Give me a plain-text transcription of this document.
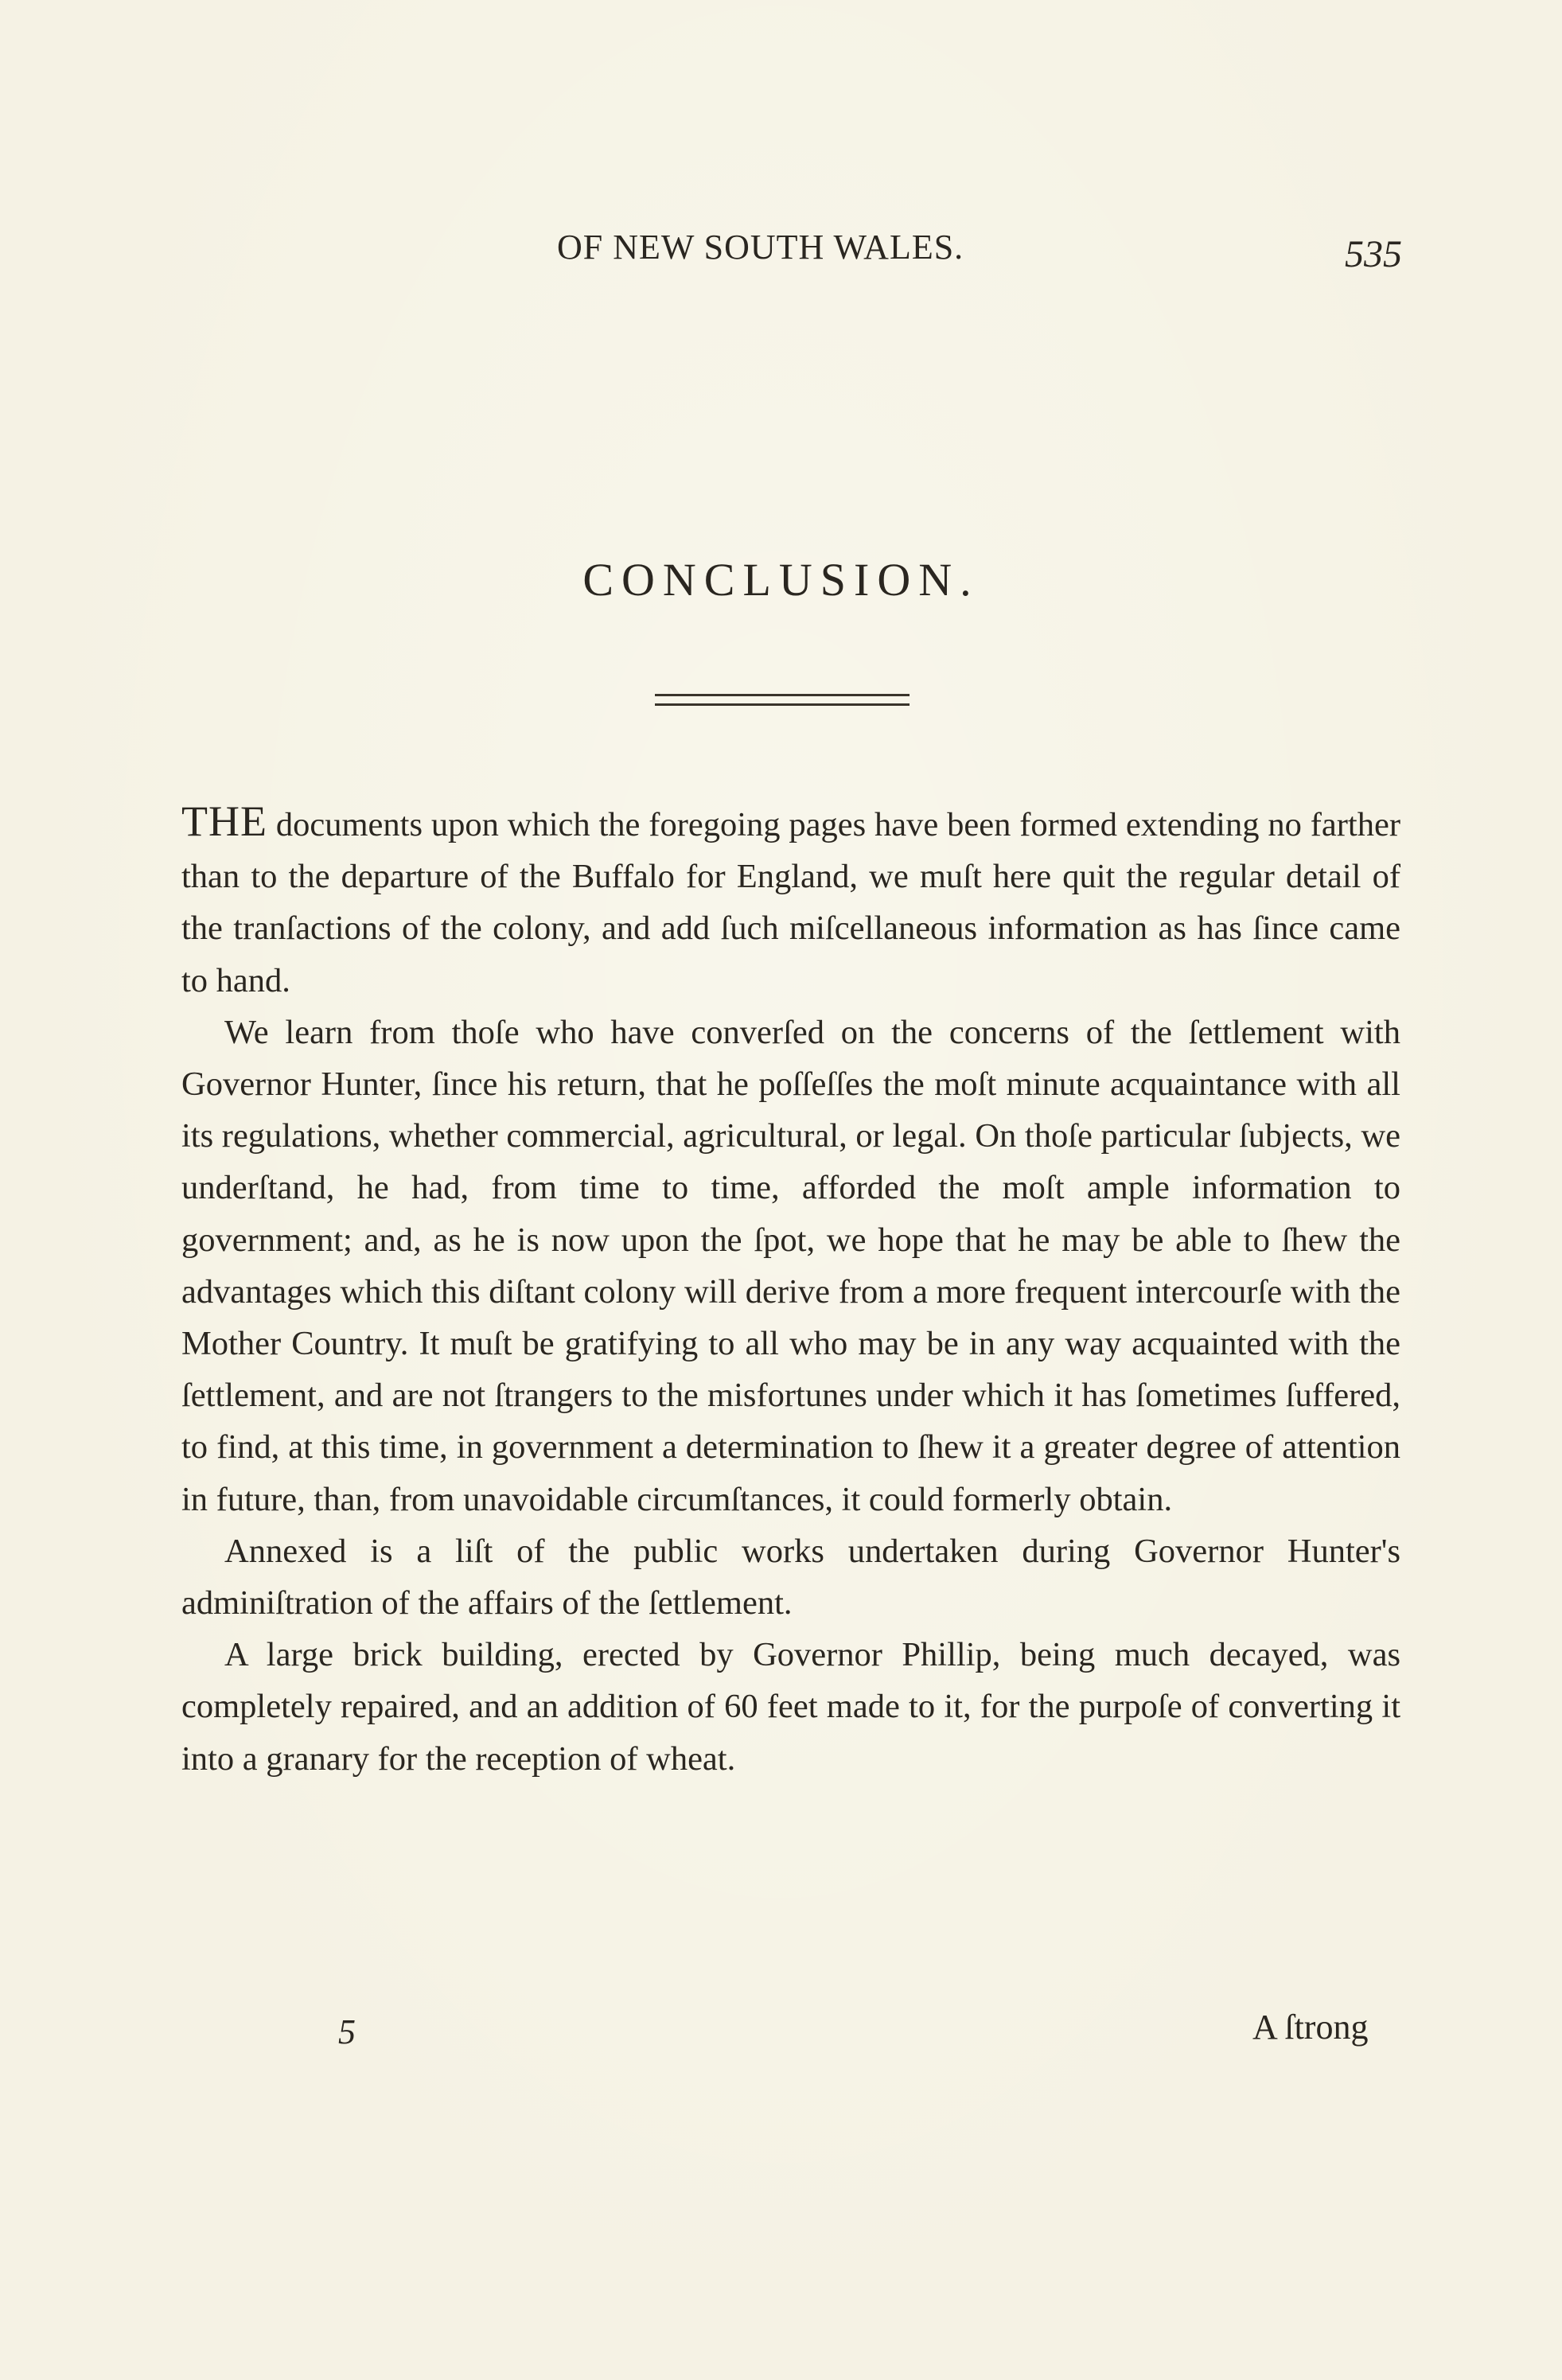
OF NEW SOUTH WALES.	535
CONCLUSION.

THE documents upon which the foregoing pages have been formed extending no farther than to the departure of the Buffalo for England, we muſt here quit the regular detail of the tranſactions of the colony, and add ſuch miſcellaneous information as has ſince came to hand.

We learn from thoſe who have converſed on the concerns of the ſettlement with Governor Hunter, ſince his return, that he poſſeſſes the moſt minute acquaintance with all its regulations, whether commercial, agricultural, or legal. On thoſe particular ſubjects, we underſtand, he had, from time to time, afforded the moſt ample information to government; and, as he is now upon the ſpot, we hope that he may be able to ſhew the advantages which this diſtant colony will derive from a more frequent intercourſe with the Mother Country. It muſt be gratifying to all who may be in any way acquainted with the ſettlement, and are not ſtrangers to the misfortunes under which it has ſometimes ſuffered, to find, at this time, in government a determination to ſhew it a greater degree of attention in future, than, from unavoidable circumſtances, it could formerly obtain.

Annexed is a liſt of the public works undertaken during Governor Hunter's adminiſtration of the affairs of the ſettlement.

A large brick building, erected by Governor Phillip, being much decayed, was completely repaired, and an addition of 60 feet made to it, for the purpoſe of converting it into a granary for the reception of wheat.

5	A ſtrong
